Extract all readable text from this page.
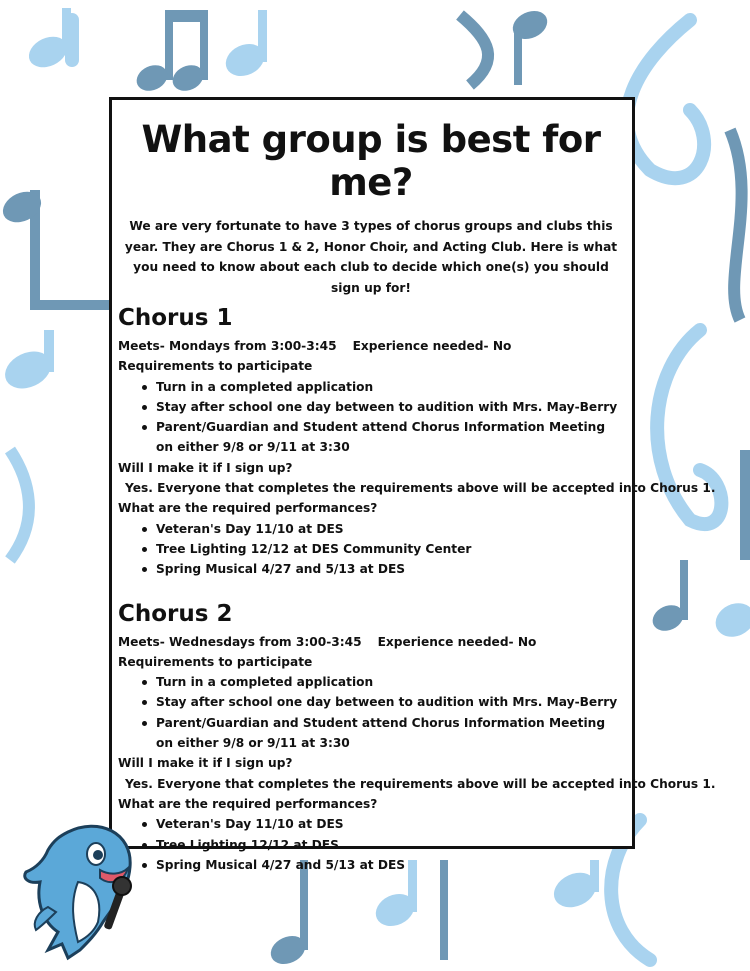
What group is best for me?
We are very fortunate to have 3 types of chorus groups and clubs this year. They are Chorus 1 & 2, Honor Choir, and Acting Club. Here is what you need to know about each club to decide which one(s) you should sign up for!
Chorus 1
Meets- Mondays from 3:00-3:45 Experience needed- No
Requirements to participate
Turn in a completed application
Stay after school one day between to audition with Mrs. May-Berry
Parent/Guardian and Student attend Chorus Information Meeting on either 9/8 or 9/11 at 3:30
Will I make it if I sign up?
Yes. Everyone that completes the requirements above will be accepted into Chorus 1.
What are the required performances?
Veteran's Day 11/10 at DES
Tree Lighting 12/12 at DES Community Center
Spring Musical 4/27 and 5/13 at DES
Chorus 2
Meets- Wednesdays from 3:00-3:45 Experience needed- No
Requirements to participate
Turn in a completed application
Stay after school one day between to audition with Mrs. May-Berry
Parent/Guardian and Student attend Chorus Information Meeting on either 9/8 or 9/11 at 3:30
Will I make it if I sign up?
Yes. Everyone that completes the requirements above will be accepted into Chorus 1.
What are the required performances?
Veteran's Day 11/10 at DES
Tree Lighting 12/12 at DES
Spring Musical 4/27 and 5/13 at DES
